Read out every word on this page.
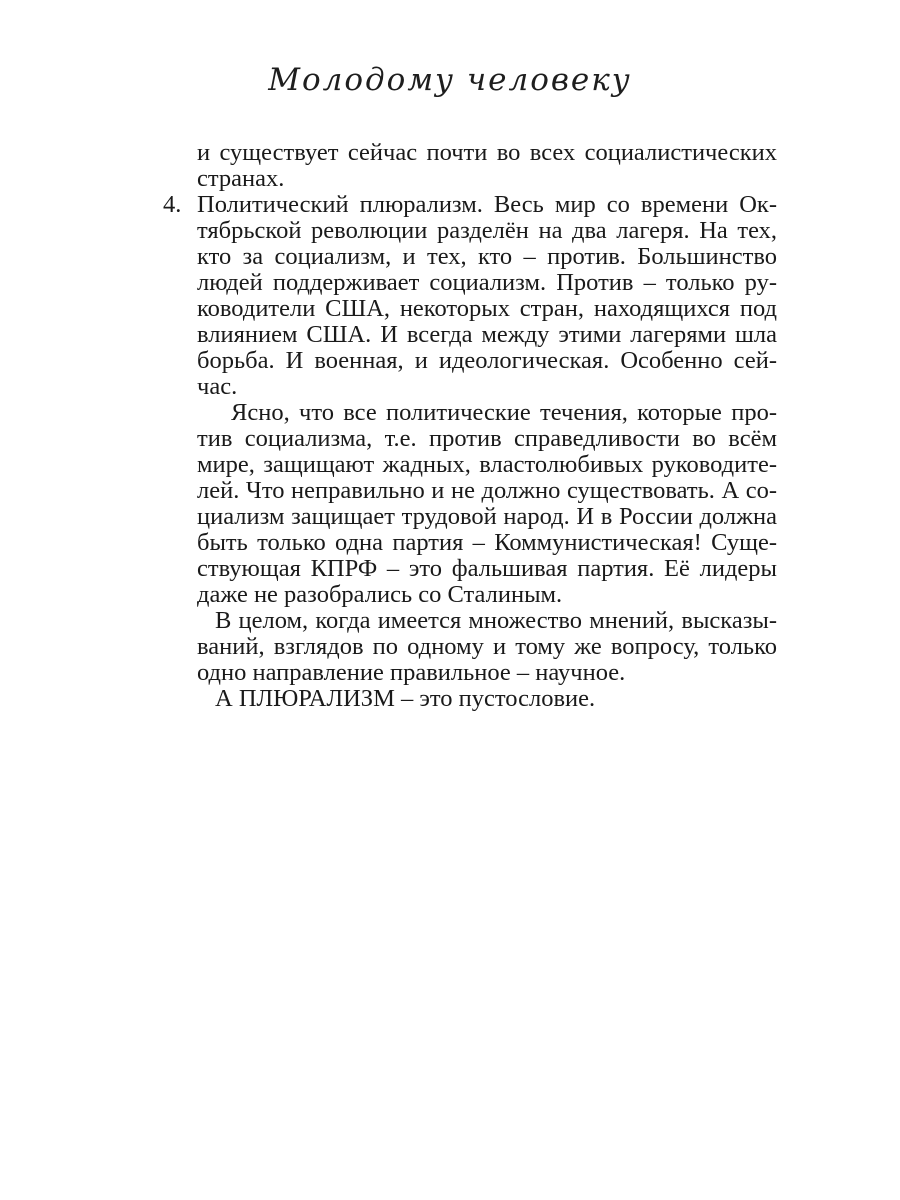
Молодому человеку
и существует сейчас почти во всех социалистических
странах.
4. Политический плюрализм. Весь мир со времени Ок-
тябрьской революции разделён на два лагеря. На тех,
кто за социализм, и тех, кто – против. Большинство
людей поддерживает социализм. Против – только ру-
ководители США, некоторых стран, находящихся под
влиянием США. И всегда между этими лагерями шла
борьба. И военная, и идеологическая. Особенно сей-
час.
Ясно, что все политические течения, которые про-
тив социализма, т.е. против справедливости во всём
мире, защищают жадных, властолюбивых руководите-
лей. Что неправильно и не должно существовать. А со-
циализм защищает трудовой народ. И в России должна
быть только одна партия – Коммунистическая! Суще-
ствующая КПРФ – это фальшивая партия. Её лидеры
даже не разобрались со Сталиным.
В целом, когда имеется множество мнений, высказы-
ваний, взглядов по одному и тому же вопросу, только
одно направление правильное – научное.
А ПЛЮРАЛИЗМ – это пустословие.
